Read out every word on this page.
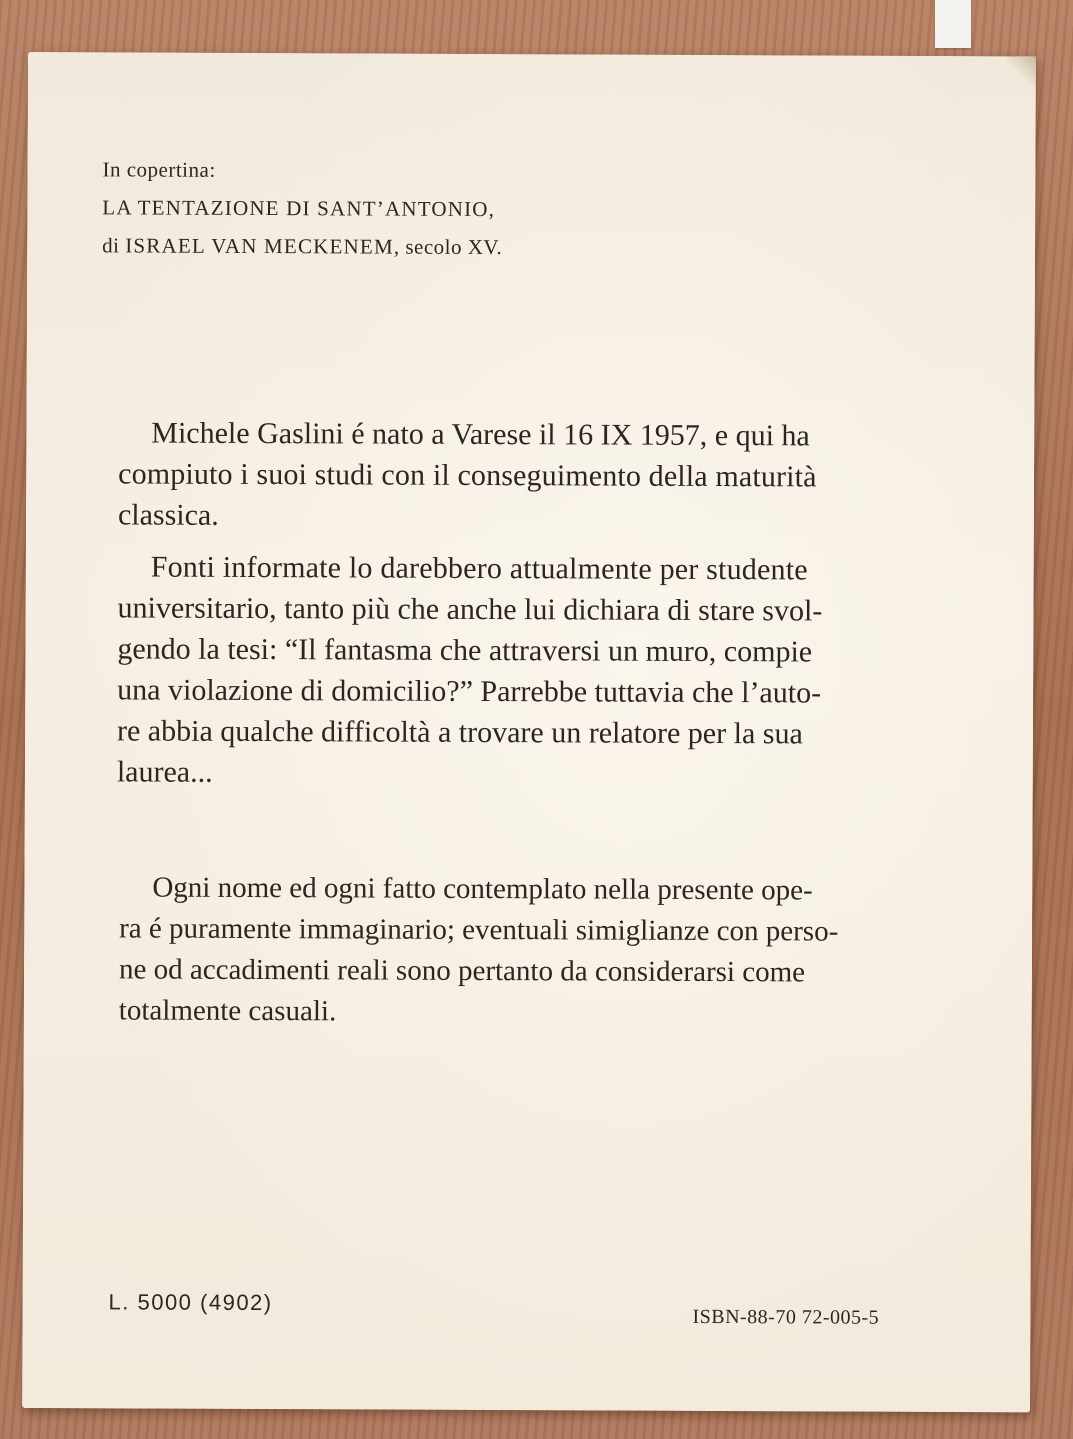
In copertina:
LA TENTAZIONE DI SANT’ANTONIO,
di ISRAEL VAN MECKENEM, secolo XV.
Michele Gaslini é nato a Varese il 16 IX 1957, e qui ha
compiuto i suoi studi con il conseguimento della maturità
classica.
Fonti informate lo darebbero attualmente per studente
universitario, tanto più che anche lui dichiara di stare svol-
gendo la tesi: “Il fantasma che attraversi un muro, compie
una violazione di domicilio?” Parrebbe tuttavia che l’auto-
re abbia qualche difficoltà a trovare un relatore per la sua
laurea...
Ogni nome ed ogni fatto contemplato nella presente ope-
ra é puramente immaginario; eventuali simiglianze con perso-
ne od accadimenti reali sono pertanto da considerarsi come
totalmente casuali.
L. 5000 (4902)
ISBN-88-70 72-005-5
